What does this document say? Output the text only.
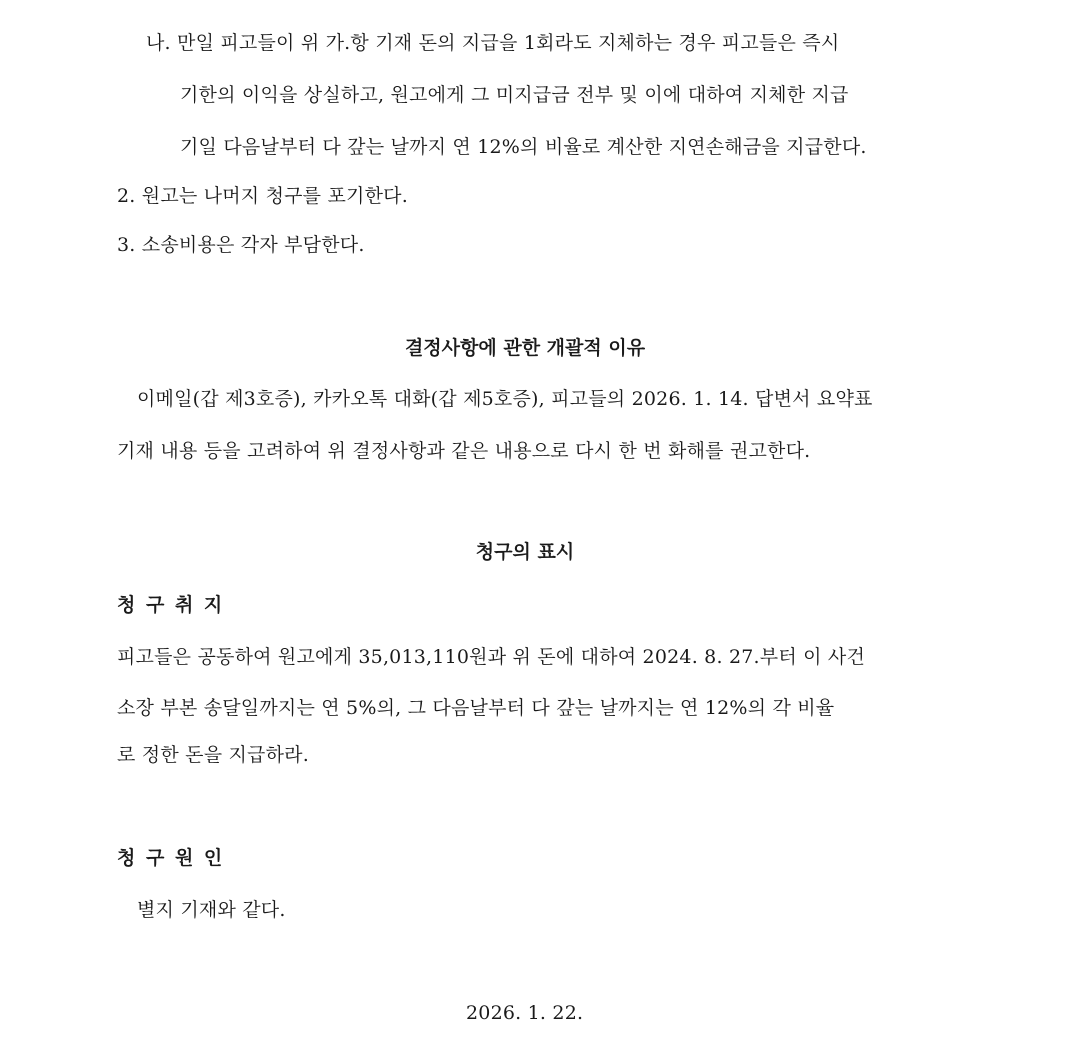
나. 만일 피고들이 위 가.항 기재 돈의 지급을 1회라도 지체하는 경우 피고들은 즉시
기한의 이익을 상실하고, 원고에게 그 미지급금 전부 및 이에 대하여 지체한 지급
기일 다음날부터 다 갚는 날까지 연 12%의 비율로 계산한 지연손해금을 지급한다.
2. 원고는 나머지 청구를 포기한다.
3. 소송비용은 각자 부담한다.
결정사항에 관한 개괄적 이유
이메일(갑 제3호증), 카카오톡 대화(갑 제5호증), 피고들의 2026. 1. 14. 답변서 요약표
기재 내용 등을 고려하여 위 결정사항과 같은 내용으로 다시 한 번 화해를 권고한다.
청구의 표시
청 구 취 지
피고들은 공동하여 원고에게 35,013,110원과 위 돈에 대하여 2024. 8. 27.부터 이 사건
소장 부본 송달일까지는 연 5%의, 그 다음날부터 다 갚는 날까지는 연 12%의 각 비율
로 정한 돈을 지급하라.
청 구 원 인
별지 기재와 같다.
2026. 1. 22.
